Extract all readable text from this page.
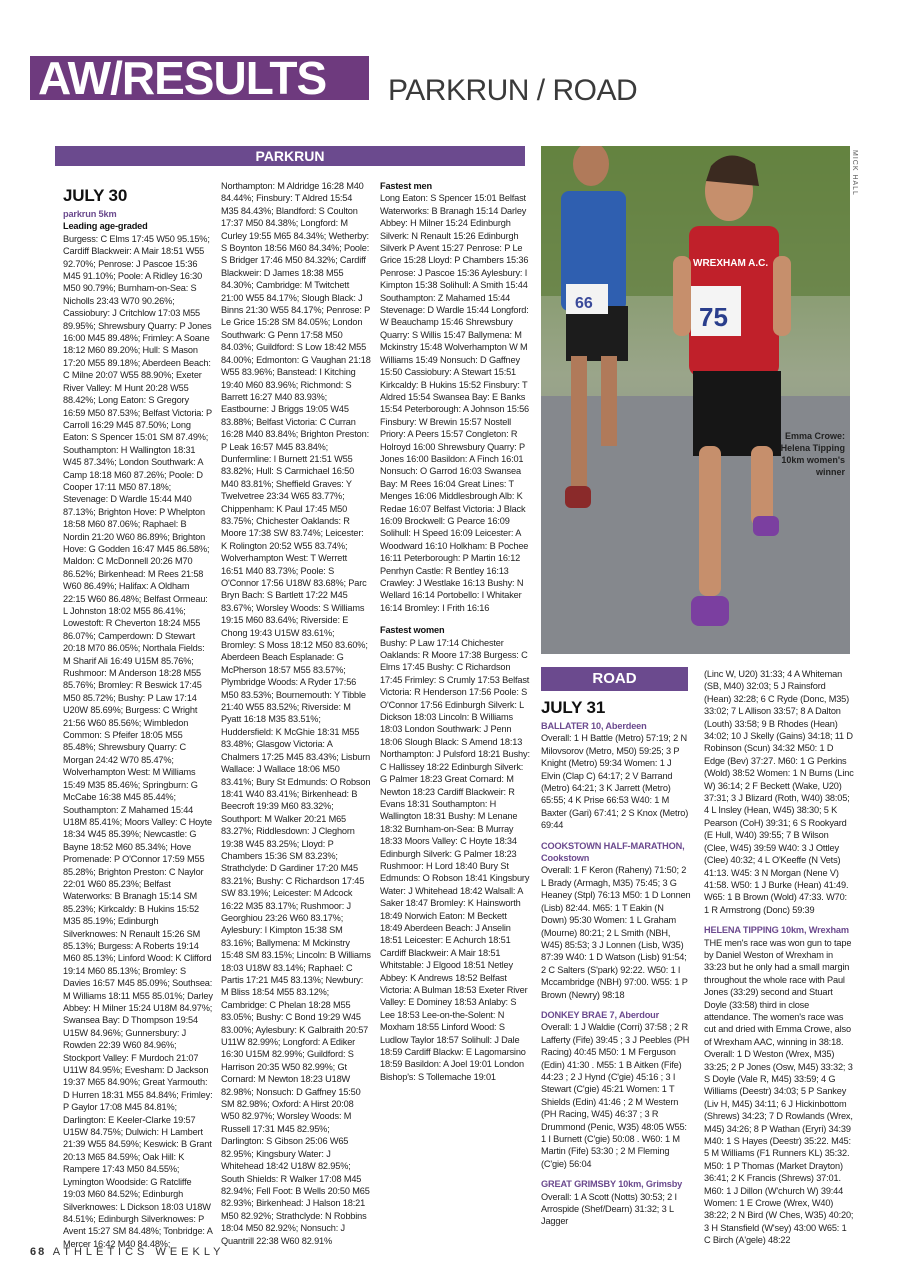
AW/RESULTS	PARKRUN / ROAD
PARKRUN
JULY 30
parkrun 5km
Leading age-graded
Burgess: C Elms 17:45 W50 95.15%; Cardiff Blackweir: A Mair 18:51 W55 92.70%; Penrose: J Pascoe 15:36 M45 91.10%; Poole: A Ridley 16:30 M50 90.79%; Burnham-on-Sea: S Nicholls 23:43 W70 90.26%; Cassiobury: J Critchlow 17:03 M55 89.95%; Shrewsbury Quarry: P Jones 16:00 M45 89.48%; Frimley: A Soane 18:12 M60 89.20%; Hull: S Mason 17:20 M55 89.18%; Aberdeen Beach: C Milne 20:07 W55 88.90%; Exeter River Valley: M Hunt 20:28 W55 88.42%; Long Eaton: S Gregory 16:59 M50 87.53%; Belfast Victoria: P Carroll 16:29 M45 87.50%; Long Eaton: S Spencer 15:01 SM 87.49%; Southampton: H Wallington 18:31 W45 87.34%; London Southwark: A Camp 18:18 M60 87.26%; Poole: D Cooper 17:11 M50 87.18%; Stevenage: D Wardle 15:44 M40 87.13%; Brighton Hove: P Whelpton 18:58 M60 87.06%; Raphael: B Nordin 21:20 W60 86.89%; Brighton Hove: G Godden 16:47 M45 86.58%; Maldon: C McDonnell 20:26 M70 86.52%; Birkenhead: M Rees 21:58 W60 86.49%; Halifax: A Oldham 22:15 W60 86.48%; Belfast Ormeau: L Johnston 18:02 M55 86.41%; Lowestoft: R Cheverton 18:24 M55 86.07%; Camperdown: D Stewart 20:18 M70 86.05%; Northala Fields: M Sharif Ali 16:49 U15M 85.76%; Rushmoor: M Anderson 18:28 M55 85.76%; Bromley: R Beswick 17:45 M50 85.72%; Bushy: P Law 17:14 U20W 85.69%; Burgess: C Wright 21:56 W60 85.56%; Wimbledon Common: S Pfeifer 18:05 M55 85.48%; Shrewsbury Quarry: C Morgan 24:42 W70 85.47%; Wolverhampton West: M Williams 15:49 M35 85.46%; Springburn: G McCabe 16:38 M45 85.44%; Southampton: Z Mahamed 15:44 U18M 85.41%; Moors Valley: C Hoyte 18:34 W45 85.39%; Newcastle: G Bayne 18:52 M60 85.34%; Hove Promenade: P O'Connor 17:59 M55 85.28%; Brighton Preston: C Naylor 22:01 W60 85.23%; Belfast Waterworks: B Branagh 15:14 SM 85.23%; Kirkcaldy: B Hukins 15:52 M35 85.19%; Edinburgh Silverknowes: N Renault 15:26 SM 85.13%; Burgess: A Roberts 19:14 M60 85.13%; Linford Wood: K Clifford 19:14 M60 85.13%; Bromley: S Davies 16:57 M45 85.09%; Southsea: M Williams 18:11 M55 85.01%; Darley Abbey: H Milner 15:24 U18M 84.97%; Swansea Bay: D Thompson 19:54 U15W 84.96%; Gunnersbury: J Rowden 22:39 W60 84.96%; Stockport Valley: F Murdoch 21:07 U11W 84.95%; Evesham: D Jackson 19:37 M65 84.90%; Great Yarmouth: D Hurren 18:31 M55 84.84%; Frimley: P Gaylor 17:08 M45 84.81%; Darlington: E Keeler-Clarke 19:57 U15W 84.75%; Dulwich: H Lambert 21:39 W55 84.59%; Keswick: B Grant 20:13 M65 84.59%; Oak Hill: K Rampere 17:43 M50 84.55%; Lymington Woodside: G Ratcliffe 19:03 M60 84.52%; Edinburgh Silverknowes: L Dickson 18:03 U18W 84.51%; Edinburgh Silverknowes: P Avent 15:27 SM 84.48%; Tonbridge: A Mercer 16:42 M40 84.48%;
Northampton: M Aldridge 16:28 M40 84.44%; Finsbury: T Aldred 15:54 M35 84.43%; Blandford: S Coulton 17:37 M50 84.38%; Longford: M Curley 19:55 M65 84.34%; Wetherby: S Boynton 18:56 M60 84.34%; Poole: S Bridger 17:46 M50 84.32%; Cardiff Blackweir: D James 18:38 M55 84.30%; Cambridge: M Twitchett 21:00 W55 84.17%; Slough Black: J Binns 21:30 W55 84.17%; Penrose: P Le Grice 15:28 SM 84.05%; London Southwark: G Penn 17:58 M50 84.03%; Guildford: S Low 18:42 M55 84.00%; Edmonton: G Vaughan 21:18 W55 83.96%; Banstead: I Kitching 19:40 M60 83.96%; Richmond: S Barrett 16:27 M40 83.93%; Eastbourne: J Briggs 19:05 W45 83.88%; Belfast Victoria: C Curran 16:28 M40 83.84%; Brighton Preston: P Leak 16:57 M45 83.84%; Dunfermline: I Burnett 21:51 W55 83.82%; Hull: S Carmichael 16:50 M40 83.81%; Sheffield Graves: Y Twelvetree 23:34 W65 83.77%; Chippenham: K Paul 17:45 M50 83.75%; Chichester Oaklands: R Moore 17:38 SW 83.74%; Leicester: K Rolington 20:52 W55 83.74%; Wolverhampton West: T Werrett 16:51 M40 83.73%; Poole: S O'Connor 17:56 U18W 83.68%; Parc Bryn Bach: S Bartlett 17:22 M45 83.67%; Worsley Woods: S Williams 19:15 M60 83.64%; Riverside: E Chong 19:43 U15W 83.61%; Bromley: S Moss 18:12 M50 83.60%; Aberdeen Beach Esplanade: G McPherson 18:57 M55 83.57%; Plymbridge Woods: A Ryder 17:56 M50 83.53%; Bournemouth: Y Tibble 21:40 W55 83.52%; Riverside: M Pyatt 16:18 M35 83.51%; Huddersfield: K McGhie 18:31 M55 83.48%; Glasgow Victoria: A Chalmers 17:25 M45 83.43%; Lisburn Wallace: J Wallace 18:06 M50 83.41%; Bury St Edmunds: O Robson 18:41 W40 83.41%; Birkenhead: B Beecroft 19:39 M60 83.32%; Southport: M Walker 20:21 M65 83.27%; Riddlesdown: J Cleghorn 19:38 W45 83.25%; Lloyd: P Chambers 15:36 SM 83.23%; Strathclyde: D Gardiner 17:20 M45 83.21%; Bushy: C Richardson 17:45 SW 83.19%; Leicester: M Adcock 16:22 M35 83.17%; Rushmoor: J Georghiou 23:26 W60 83.17%; Aylesbury: I Kimpton 15:38 SM 83.16%; Ballymena: M Mckinstry 15:48 SM 83.15%; Lincoln: B Williams 18:03 U18W 83.14%; Raphael: C Partis 17:21 M45 83.13%; Newbury: M Bliss 18:54 M55 83.12%; Cambridge: C Phelan 18:28 M55 83.05%; Bushy: C Bond 19:29 W45 83.00%; Aylesbury: K Galbraith 20:57 U11W 82.99%; Longford: A Ediker 16:30 U15M 82.99%; Guildford: S Harrison 20:35 W50 82.99%; Gt Cornard: M Newton 18:23 U18W 82.98%; Nonsuch: D Gaffney 15:50 SM 82.98%; Oxford: A Hirst 20:08 W50 82.97%; Worsley Woods: M Russell 17:31 M45 82.95%; Darlington: S Gibson 25:06 W65 82.95%; Kingsbury Water: J Whitehead 18:42 U18W 82.95%; South Shields: R Walker 17:08 M45 82.94%; Fell Foot: B Wells 20:50 M65 82.93%; Birkenhead: J Halson 18:21 M50 82.92%; Strathclyde: N Robbins 18:04 M50 82.92%; Nonsuch: J Quantrill 22:38 W60 82.91%
Fastest men
Long Eaton: S Spencer 15:01 Belfast Waterworks: B Branagh 15:14 Darley Abbey: H Milner 15:24 Edinburgh Silverk: N Renault 15:26 Edinburgh Silverk P Avent 15:27 Penrose: P Le Grice 15:28 Lloyd: P Chambers 15:36 Penrose: J Pascoe 15:36 Aylesbury: I Kimpton 15:38 Solihull: A Smith 15:44 Southampton: Z Mahamed 15:44 Stevenage: D Wardle 15:44 Longford: W Beauchamp 15:46 Shrewsbury Quarry: S Willis 15:47 Ballymena: M Mckinstry 15:48 Wolverhampton W M Williams 15:49 Nonsuch: D Gaffney 15:50 Cassiobury: A Stewart 15:51 Kirkcaldy: B Hukins 15:52 Finsbury: T Aldred 15:54 Swansea Bay: E Banks 15:54 Peterborough: A Johnson 15:56 Finsbury: W Brewin 15:57 Nostell Priory: A Peers 15:57 Congleton: R Holroyd 16:00 Shrewsbury Quarry: P Jones 16:00 Basildon: A Finch 16:01 Nonsuch: O Garrod 16:03 Swansea Bay: M Rees 16:04 Great Lines: T Menges 16:06 Middlesbrough Alb: K Redae 16:07 Belfast Victoria: J Black 16:09 Brockwell: G Pearce 16:09 Solihull: H Speed 16:09 Leicester: A Woodward 16:10 Holkham: B Pochee 16:11 Peterborough: P Martin 16:12 Penrhyn Castle: R Bentley 16:13 Crawley: J Westlake 16:13 Bushy: N Wellard 16:14 Portobello: I Whitaker 16:14 Bromley: I Frith 16:16
Fastest women
Bushy: P Law 17:14 Chichester Oaklands: R Moore 17:38 Burgess: C Elms 17:45 Bushy: C Richardson 17:45 Frimley: S Crumly 17:53 Belfast Victoria: R Henderson 17:56 Poole: S O'Connor 17:56 Edinburgh Silverk: L Dickson 18:03 Lincoln: B Williams 18:03 London Southwark: J Penn 18:06 Slough Black: S Amend 18:13 Northampton: J Pulsford 18:21 Bushy: C Hallissey 18:22 Edinburgh Silverk: G Palmer 18:23 Great Cornard: M Newton 18:23 Cardiff Blackweir: R Evans 18:31 Southampton: H Wallington 18:31 Bushy: M Lenane 18:32 Burnham-on-Sea: B Murray 18:33 Moors Valley: C Hoyte 18:34 Edinburgh Silverk: G Palmer 18:23 Rushmoor: H Lord 18:40 Bury St Edmunds: O Robson 18:41 Kingsbury Water: J Whitehead 18:42 Walsall: A Saker 18:47 Bromley: K Hainsworth 18:49 Norwich Eaton: M Beckett 18:49 Aberdeen Beach: J Anselin 18:51 Leicester: E Achurch 18:51 Cardiff Blackweir: A Mair 18:51 Whitstable: J Elgood 18:51 Netley Abbey: K Andrews 18:52 Belfast Victoria: A Bulman 18:53 Exeter River Valley: E Dominey 18:53 Anlaby: S Lee 18:53 Lee-on-the-Solent: N Moxham 18:55 Linford Wood: S Ludlow Taylor 18:57 Solihull: J Dale 18:59 Cardiff Blackw: E Lagomarsino 18:59 Basildon: A Joel 19:01 London Bishop's: S Tollemache 19:01
66
WREXHAM A.C.
75
MICK HALL
Emma Crowe: Helena Tipping 10km women's winner
ROAD
JULY 31
BALLATER 10, Aberdeen
Overall: 1 H Battle (Metro) 57:19; 2 N Milovsorov (Metro, M50) 59:25; 3 P Knight (Metro) 59:34 Women: 1 J Elvin (Clap C) 64:17; 2 V Barrand (Metro) 64:21; 3 K Jarrett (Metro) 65:55; 4 K Prise 66:53 W40: 1 M Baxter (Gari) 67:41; 2 S Knox (Metro) 69:44
COOKSTOWN HALF-MARATHON, Cookstown
Overall: 1 F Keron (Raheny) 71:50; 2 L Brady (Armagh, M35) 75:45; 3 G Heaney (Stpl) 76:13 M50: 1 D Lonnen (Lisb) 82:44. M65: 1 T Eakin (N Down) 95:30 Women: 1 L Graham (Mourne) 80:21; 2 L Smith (NBH, W45) 85:53; 3 J Lonnen (Lisb, W35) 87:39 W40: 1 D Watson (Lisb) 91:54; 2 C Salters (S'park) 92:22. W50: 1 I Mccambridge (NBH) 97:00. W55: 1 P Brown (Newry) 98:18
DONKEY BRAE 7, Aberdour
Overall: 1 J Waldie (Corri) 37:58 ; 2 R Lafferty (Fife) 39:45 ; 3 J Peebles (PH Racing) 40:45 M50: 1 M Ferguson (Edin) 41:30 . M55: 1 B Aitken (Fife) 44:23 ; 2 J Hynd (C'gie) 45:16 ; 3 I Stewart (C'gie) 45:21 Women: 1 T Shields (Edin) 41:46 ; 2 M Western (PH Racing, W45) 46:37 ; 3 R Drummond (Penic, W35) 48:05 W55: 1 I Burnett (C'gie) 50:08 . W60: 1 M Martin (Fife) 53:30 ; 2 M Fleming (C'gie) 56:04
GREAT GRIMSBY 10km, Grimsby
Overall: 1 A Scott (Notts) 30:53; 2 I Arrospide (Shef/Dearn) 31:32; 3 L Jagger
(Linc W, U20) 31:33; 4 A Whiteman (SB, M40) 32:03; 5 J Rainsford (Hean) 32:28; 6 C Ryde (Donc, M35) 33:02; 7 L Allison 33:57; 8 A Dalton (Louth) 33:58; 9 B Rhodes (Hean) 34:02; 10 J Skelly (Gains) 34:18; 11 D Robinson (Scun) 34:32 M50: 1 D Edge (Bev) 37:27. M60: 1 G Perkins (Wold) 38:52 Women: 1 N Burns (Linc W) 36:14; 2 F Beckett (Wake, U20) 37:31; 3 J Blizard (Roth, W40) 38:05; 4 L Insley (Hean, W45) 38:30; 5 K Pearson (CoH) 39:31; 6 S Rookyard (E Hull, W40) 39:55; 7 B Wilson (Clee, W45) 39:59 W40: 3 J Ottley (Clee) 40:32; 4 L O'Keeffe (N Vets) 41:13. W45: 3 N Morgan (Nene V) 41:58. W50: 1 J Burke (Hean) 41:49. W65: 1 B Brown (Wold) 47:33. W70: 1 R Armstrong (Donc) 59:39
HELENA TIPPING 10km, Wrexham
THE men's race was won gun to tape by Daniel Weston of Wrexham in 33:23 but he only had a small margin throughout the whole race with Paul Jones (33:29) second and Stuart Doyle (33:58) third in close attendance. The women's race was cut and dried with Emma Crowe, also of Wrexham AAC, winning in 38:18. Overall: 1 D Weston (Wrex, M35) 33:25; 2 P Jones (Osw, M45) 33:32; 3 S Doyle (Vale R, M45) 33:59; 4 G Williams (Deestr) 34:03; 5 P Sankey (Liv H, M45) 34:11; 6 J Hickinbottom (Shrews) 34:23; 7 D Rowlands (Wrex, M45) 34:26; 8 P Wathan (Eryri) 34:39 M40: 1 S Hayes (Deestr) 35:22. M45: 5 M Williams (F1 Runners KL) 35:32. M50: 1 P Thomas (Market Drayton) 36:41; 2 K Francis (Shrews) 37:01. M60: 1 J Dillon (W'church W) 39:44 Women: 1 E Crowe (Wrex, W40) 38:22; 2 N Bird (W Ches, W35) 40:20; 3 H Stansfield (W'sey) 43:00 W65: 1 C Birch (A'gele) 48:22
68 ATHLETICS WEEKLY
